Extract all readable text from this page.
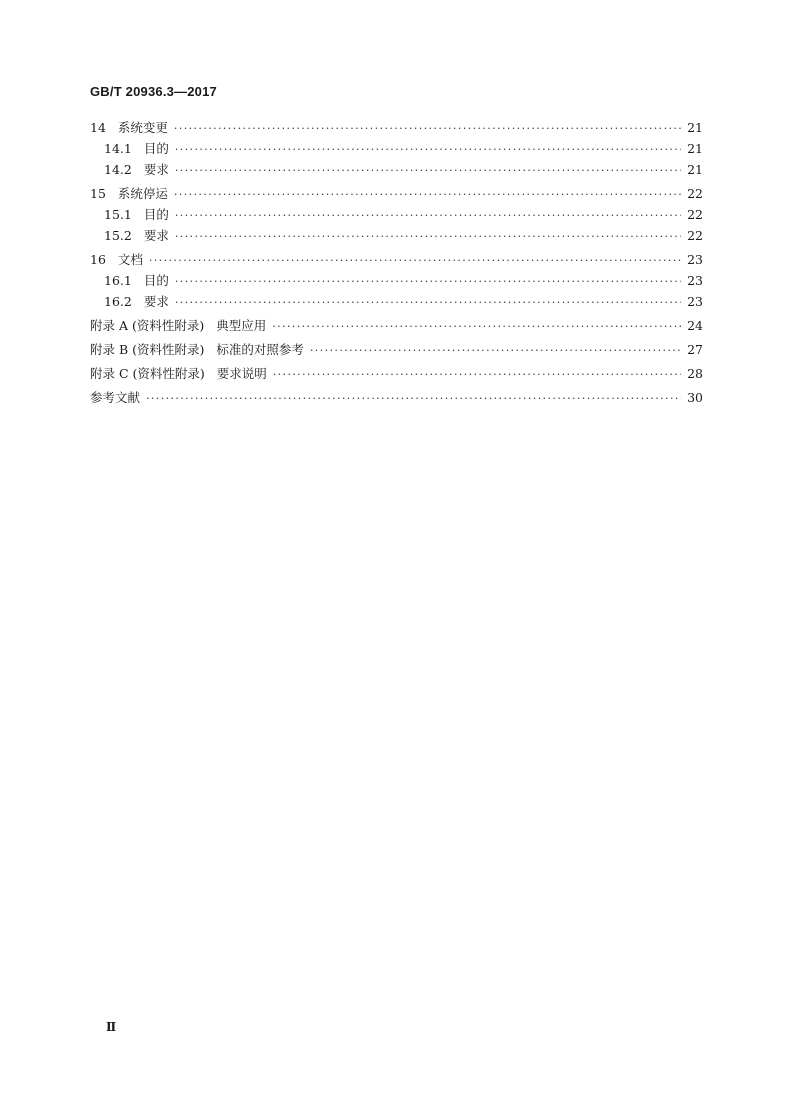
GB/T 20936.3—2017
14 系统变更 ·····	21
14.1 目的 ·····	21
14.2 要求 ·····	21
15 系统停运 ·····	22
15.1 目的 ·····	22
15.2 要求 ·····	22
16 文档 ·····	23
16.1 目的 ·····	23
16.2 要求 ·····	23
附录 A (资料性附录) 典型应用 ·····	24
附录 B (资料性附录) 标准的对照参考 ·····	27
附录 C (资料性附录) 要求说明 ·····	28
参考文献 ·····	30
Ⅱ
